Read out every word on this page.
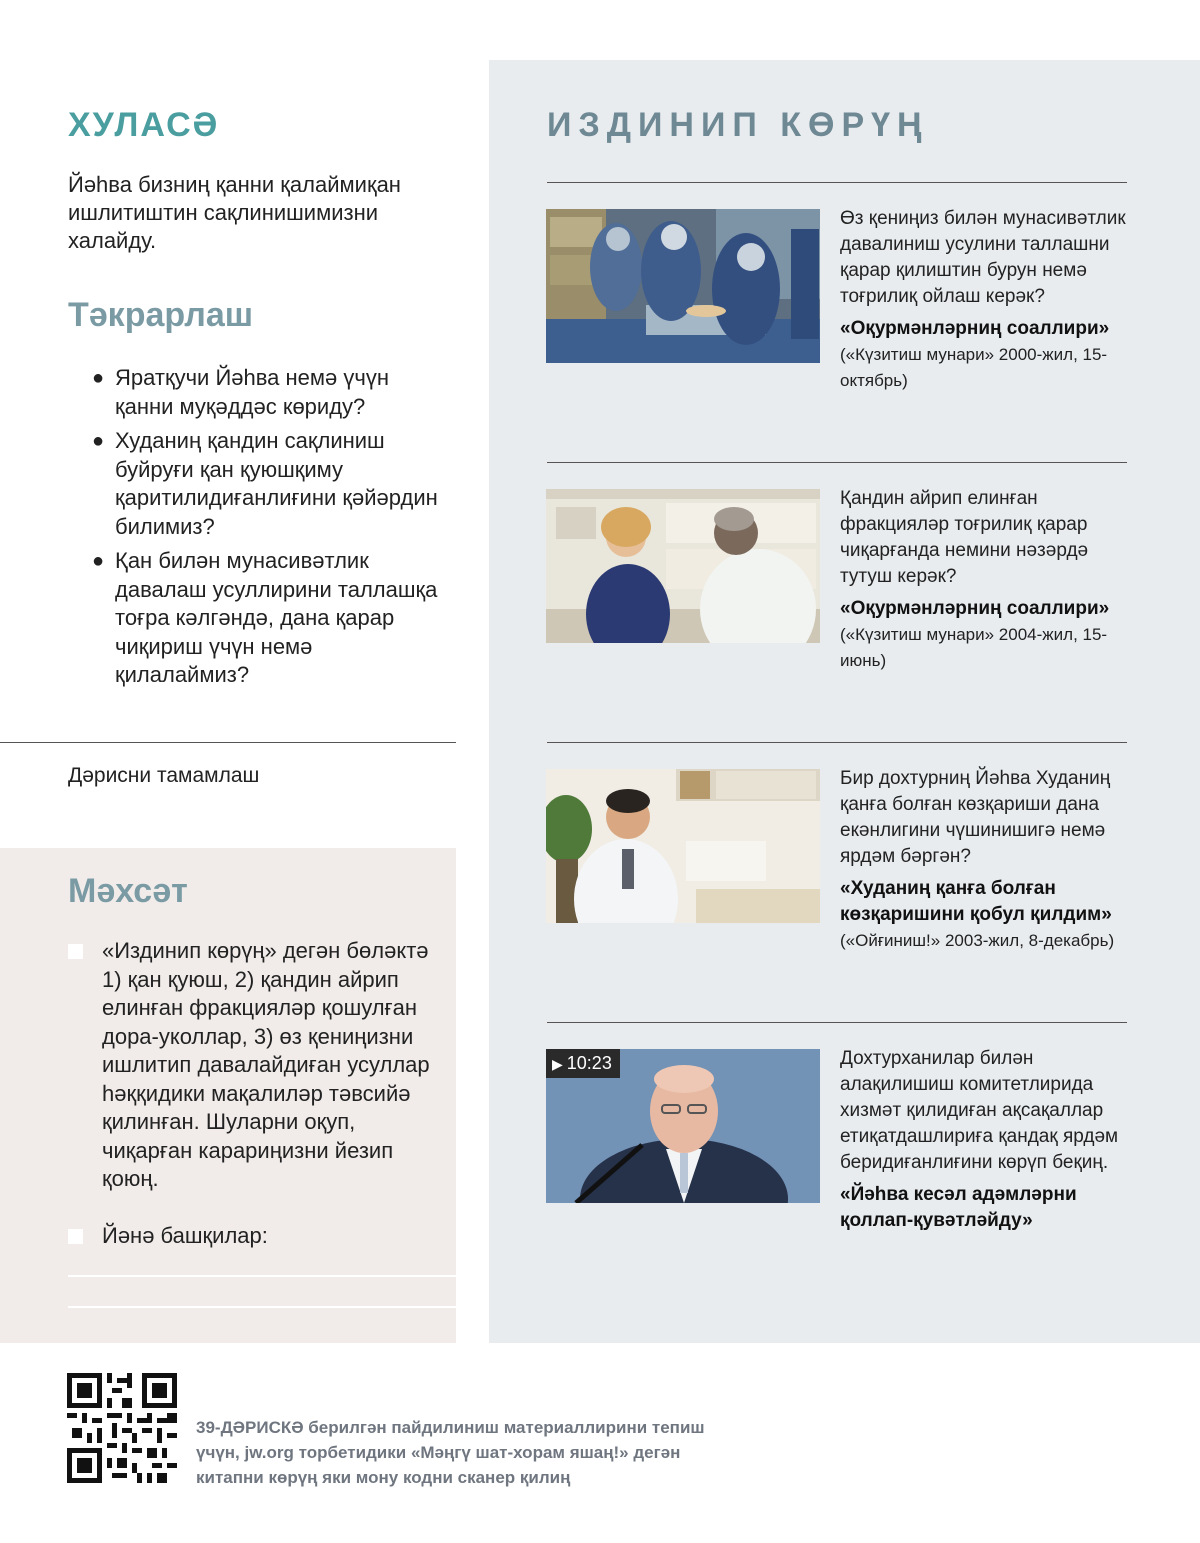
ХУЛАСӘ

Йәһва бизниң қанни қалаймиқан ишлитиштин сақлинишимизни халайду.

Тәкрарлаш
● Яратқучи Йәһва немә үчүн қанни муқәддәс көриду?
● Худаниң қандин сақлиниш буйруғи қан қуюшқиму қаритилидиғанлиғини қәйәрдин билимиз?
● Қан билән мунасивәтлик давалаш усуллирини таллашқа тоғра кәлгәндә, дана қарар чиқириш үчүн немә қилалаймиз?
Дәрисни тамамлаш
Мәхсәт
«Издинип көрүң» дегән бөләктә 1) қан қуюш, 2) қандин айрип елинған фракцияләр қошулған дора-уколлар, 3) өз қениңизни ишлитип давалайдиған усуллар һәққидики мақалиләр тәвсийә қилинған. Шуларни оқуп, чиқарған карариңизни йезип қоюң.
Йәнә башқилар:
ИЗДИНИП КӨРҮҢ
Өз қениңиз билән мунасивәтлик давалиниш усулини таллашни қарар қилиштин бурун немә тоғрилиқ ойлаш керәк?
«Оқурмәнләрниң соаллири»
(«Күзитиш мунари» 2000-жил, 15-октябрь)
Қандин айрип елинған фракцияләр тоғрилиқ қарар чиқарғанда немини нәзәрдә тутуш керәк?
«Оқурмәнләрниң соаллири»
(«Күзитиш мунари» 2004-жил, 15-июнь)
Бир дохтурниң Йәһва Худаниң қанға болған көзқариши дана екәнлигини чүшинишигә немә ярдәм бәргән?
«Худаниң қанға болған көзқаришини қобул қилдим»
(«Ойғиниш!» 2003-жил, 8-декабрь)
▶ 10:23	Дохтурханилар билән алақилишиш комитетлирида хизмәт қилидиған ақсақаллар етиқатдашлириға қандақ ярдәм беридиғанлиғини көрүп беқиң.
«Йәһва кесәл адәмләрни қоллап-қувәтләйду»
39-ДӘРИСКӘ берилгән пайдилиниш материаллирини тепиш үчүн, jw.org торбетидики «Мәңгү шат-хорам яшаң!» дегән китапни көрүң яки мону кодни сканер қилиң
